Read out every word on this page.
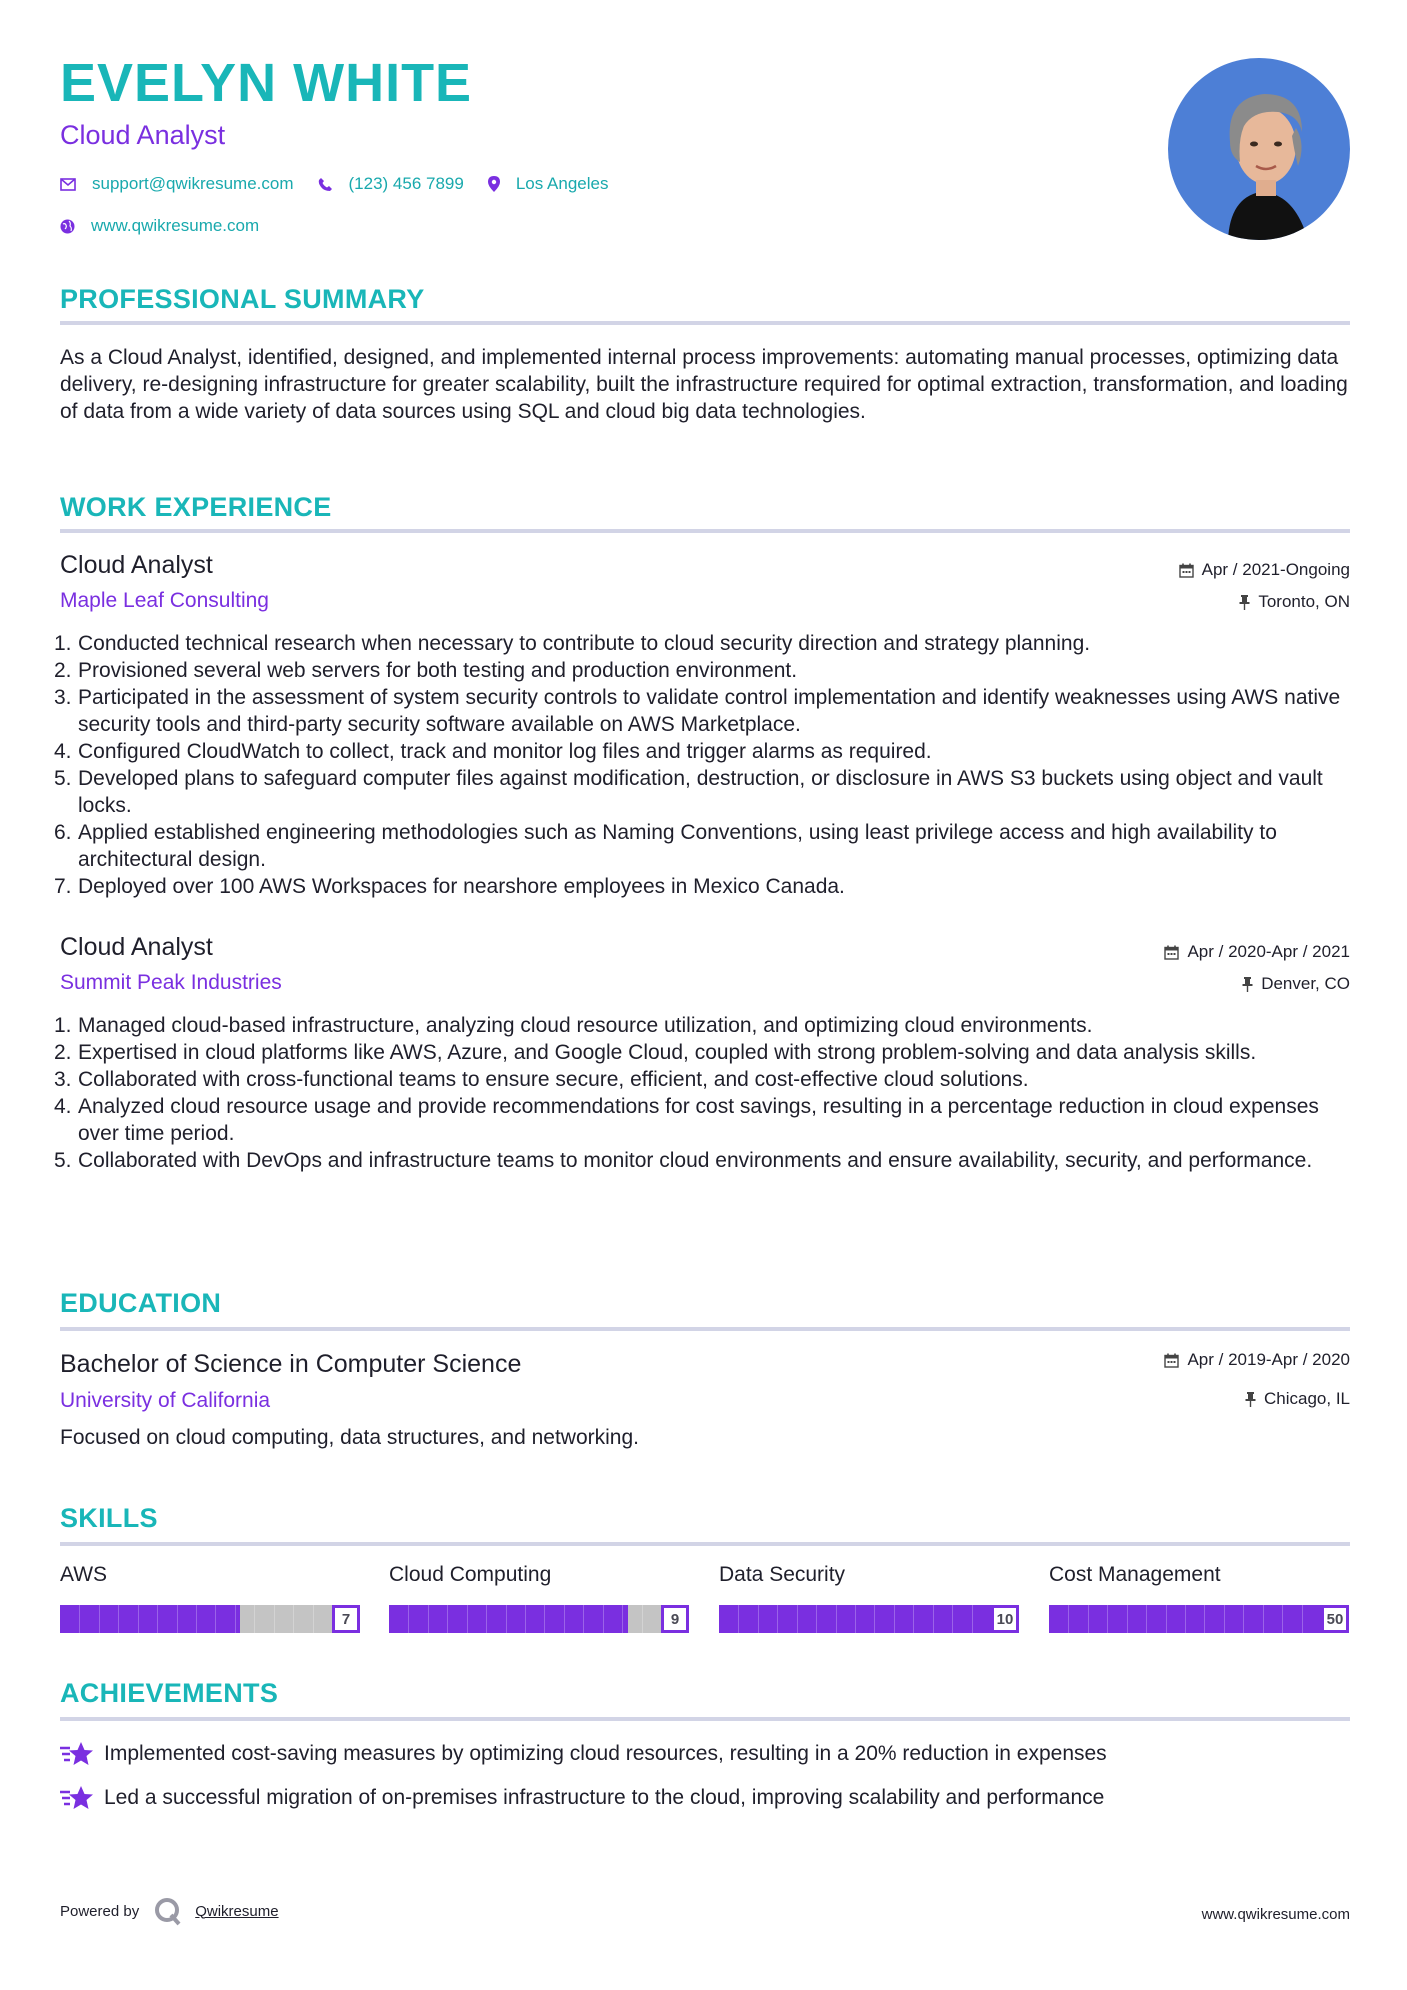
EVELYN WHITE
Cloud Analyst
support@qwikresume.com	(123) 456 7899	Los Angeles
www.qwikresume.com
PROFESSIONAL SUMMARY

As a Cloud Analyst, identified, designed, and implemented internal process improvements: automating manual processes, optimizing data delivery, re-designing infrastructure for greater scalability, built the infrastructure required for optimal extraction, transformation, and loading of data from a wide variety of data sources using SQL and cloud big data technologies.

WORK EXPERIENCE
Cloud Analyst
Maple Leaf Consulting
Apr / 2021-Ongoing
Toronto, ON
1. Conducted technical research when necessary to contribute to cloud security direction and strategy planning.
2. Provisioned several web servers for both testing and production environment.
3. Participated in the assessment of system security controls to validate control implementation and identify weaknesses using AWS native security tools and third-party security software available on AWS Marketplace.
4. Configured CloudWatch to collect, track and monitor log files and trigger alarms as required.
5. Developed plans to safeguard computer files against modification, destruction, or disclosure in AWS S3 buckets using object and vault locks.
6. Applied established engineering methodologies such as Naming Conventions, using least privilege access and high availability to architectural design.
7. Deployed over 100 AWS Workspaces for nearshore employees in Mexico Canada.
Cloud Analyst
Summit Peak Industries
Apr / 2020-Apr / 2021
Denver, CO
1. Managed cloud-based infrastructure, analyzing cloud resource utilization, and optimizing cloud environments.
2. Expertised in cloud platforms like AWS, Azure, and Google Cloud, coupled with strong problem-solving and data analysis skills.
3. Collaborated with cross-functional teams to ensure secure, efficient, and cost-effective cloud solutions.
4. Analyzed cloud resource usage and provide recommendations for cost savings, resulting in a percentage reduction in cloud expenses over time period.
5. Collaborated with DevOps and infrastructure teams to monitor cloud environments and ensure availability, security, and performance.
EDUCATION
Bachelor of Science in Computer Science
University of California
Apr / 2019-Apr / 2020
Chicago, IL
Focused on cloud computing, data structures, and networking.
SKILLS
AWS
7
Cloud Computing
9
Data Security
10
Cost Management
50
ACHIEVEMENTS
Implemented cost-saving measures by optimizing cloud resources, resulting in a 20% reduction in expenses
Led a successful migration of on-premises infrastructure to the cloud, improving scalability and performance
Powered by	Qwikresume	www.qwikresume.com
